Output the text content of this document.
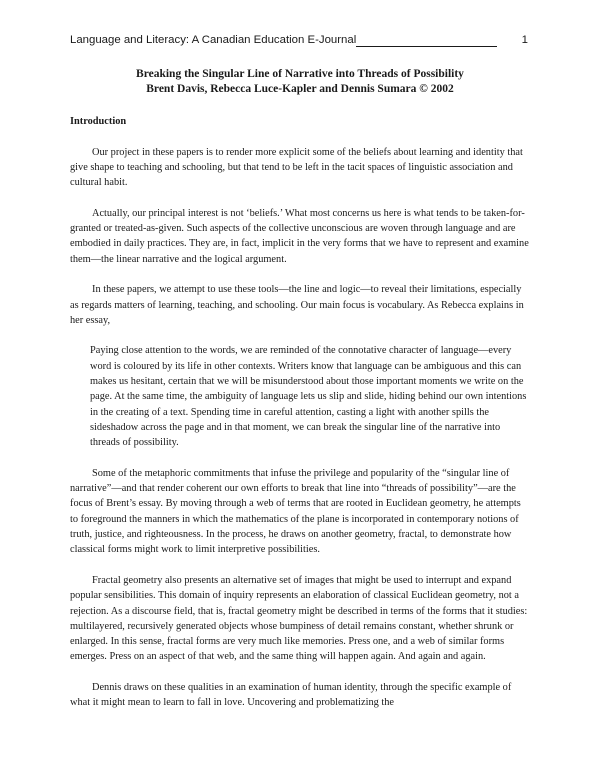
Language and Literacy: A Canadian Education E-Journal	1
Breaking the Singular Line of Narrative into Threads of Possibility
Brent Davis, Rebecca Luce-Kapler and Dennis Sumara © 2002
Introduction

Our project in these papers is to render more explicit some of the beliefs about learning and identity that give shape to teaching and schooling, but that tend to be left in the tacit spaces of linguistic association and cultural habit.

Actually, our principal interest is not ‘beliefs.’ What most concerns us here is what tends to be taken-for-granted or treated-as-given. Such aspects of the collective unconscious are woven through language and are embodied in daily practices. They are, in fact, implicit in the very forms that we have to represent and examine them—the linear narrative and the logical argument.

In these papers, we attempt to use these tools—the line and logic—to reveal their limitations, especially as regards matters of learning, teaching, and schooling. Our main focus is vocabulary. As Rebecca explains in her essay,

Paying close attention to the words, we are reminded of the connotative character of language—every word is coloured by its life in other contexts. Writers know that language can be ambiguous and this can makes us hesitant, certain that we will be misunderstood about those important moments we write on the page. At the same time, the ambiguity of language lets us slip and slide, hiding behind our own intentions in the creating of a text. Spending time in careful attention, casting a light with another spills the sideshadow across the page and in that moment, we can break the singular line of the narrative into threads of possibility.

Some of the metaphoric commitments that infuse the privilege and popularity of the “singular line of narrative”—and that render coherent our own efforts to break that line into “threads of possibility”—are the focus of Brent’s essay. By moving through a web of terms that are rooted in Euclidean geometry, he attempts to foreground the manners in which the mathematics of the plane is incorporated in contemporary notions of truth, justice, and righteousness. In the process, he draws on another geometry, fractal, to demonstrate how classical forms might work to limit interpretive possibilities.

Fractal geometry also presents an alternative set of images that might be used to interrupt and expand popular sensibilities. This domain of inquiry represents an elaboration of classical Euclidean geometry, not a rejection. As a discourse field, that is, fractal geometry might be described in terms of the forms that it studies: multilayered, recursively generated objects whose bumpiness of detail remains constant, whether shrunk or enlarged. In this sense, fractal forms are very much like memories. Press one, and a web of similar forms emerges. Press on an aspect of that web, and the same thing will happen again. And again and again.

Dennis draws on these qualities in an examination of human identity, through the specific example of what it might mean to learn to fall in love. Uncovering and problematizing the
